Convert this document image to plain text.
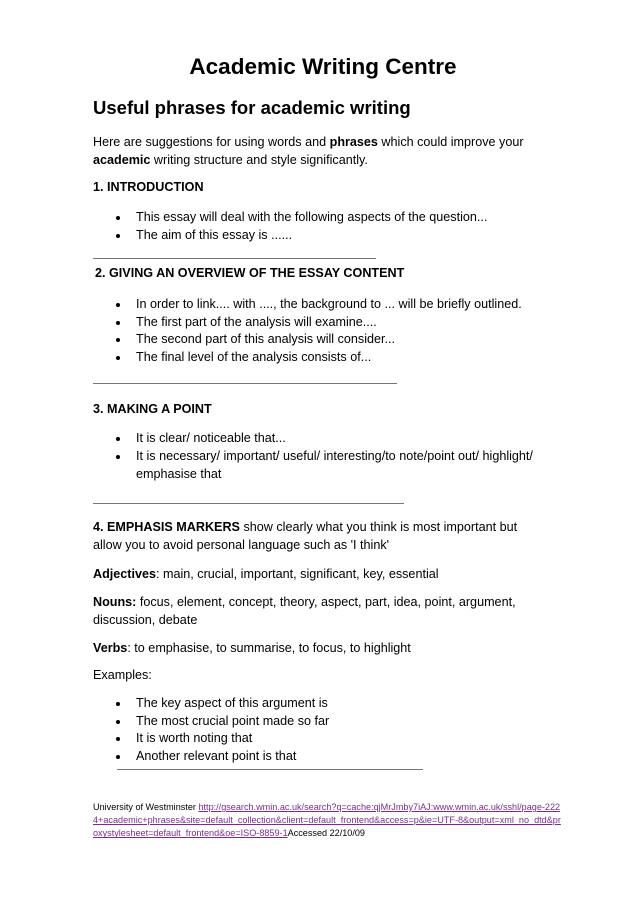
Academic Writing Centre
Useful phrases for academic writing
Here are suggestions for using words and phrases which could improve your
academic writing structure and style significantly.
1. INTRODUCTION
This essay will deal with the following aspects of the question...
The aim of this essay is ......
2. GIVING AN OVERVIEW OF THE ESSAY CONTENT
In order to link.... with ...., the background to ... will be briefly outlined.
The first part of the analysis will examine....
The second part of this analysis will consider...
The final level of the analysis consists of...
3. MAKING A POINT
It is clear/ noticeable that...
It is necessary/ important/ useful/ interesting/to note/point out/ highlight/
emphasise that
4. EMPHASIS MARKERS show clearly what you think is most important but
allow you to avoid personal language such as 'I think'
Adjectives: main, crucial, important, significant, key, essential
Nouns: focus, element, concept, theory, aspect, part, idea, point, argument,
discussion, debate
Verbs: to emphasise, to summarise, to focus, to highlight
Examples:
The key aspect of this argument is
The most crucial point made so far
It is worth noting that
Another relevant point is that
University of Westminster http://gsearch.wmin.ac.uk/search?q=cache:qjMrJmby7iAJ:www.wmin.ac.uk/sshl/page-2224+academic+phrases&site=default_collection&client=default_frontend&access=p&ie=UTF-8&output=xml_no_dtd&proxystylesheet=default_frontend&oe=ISO-8859-1Accessed 22/10/09
